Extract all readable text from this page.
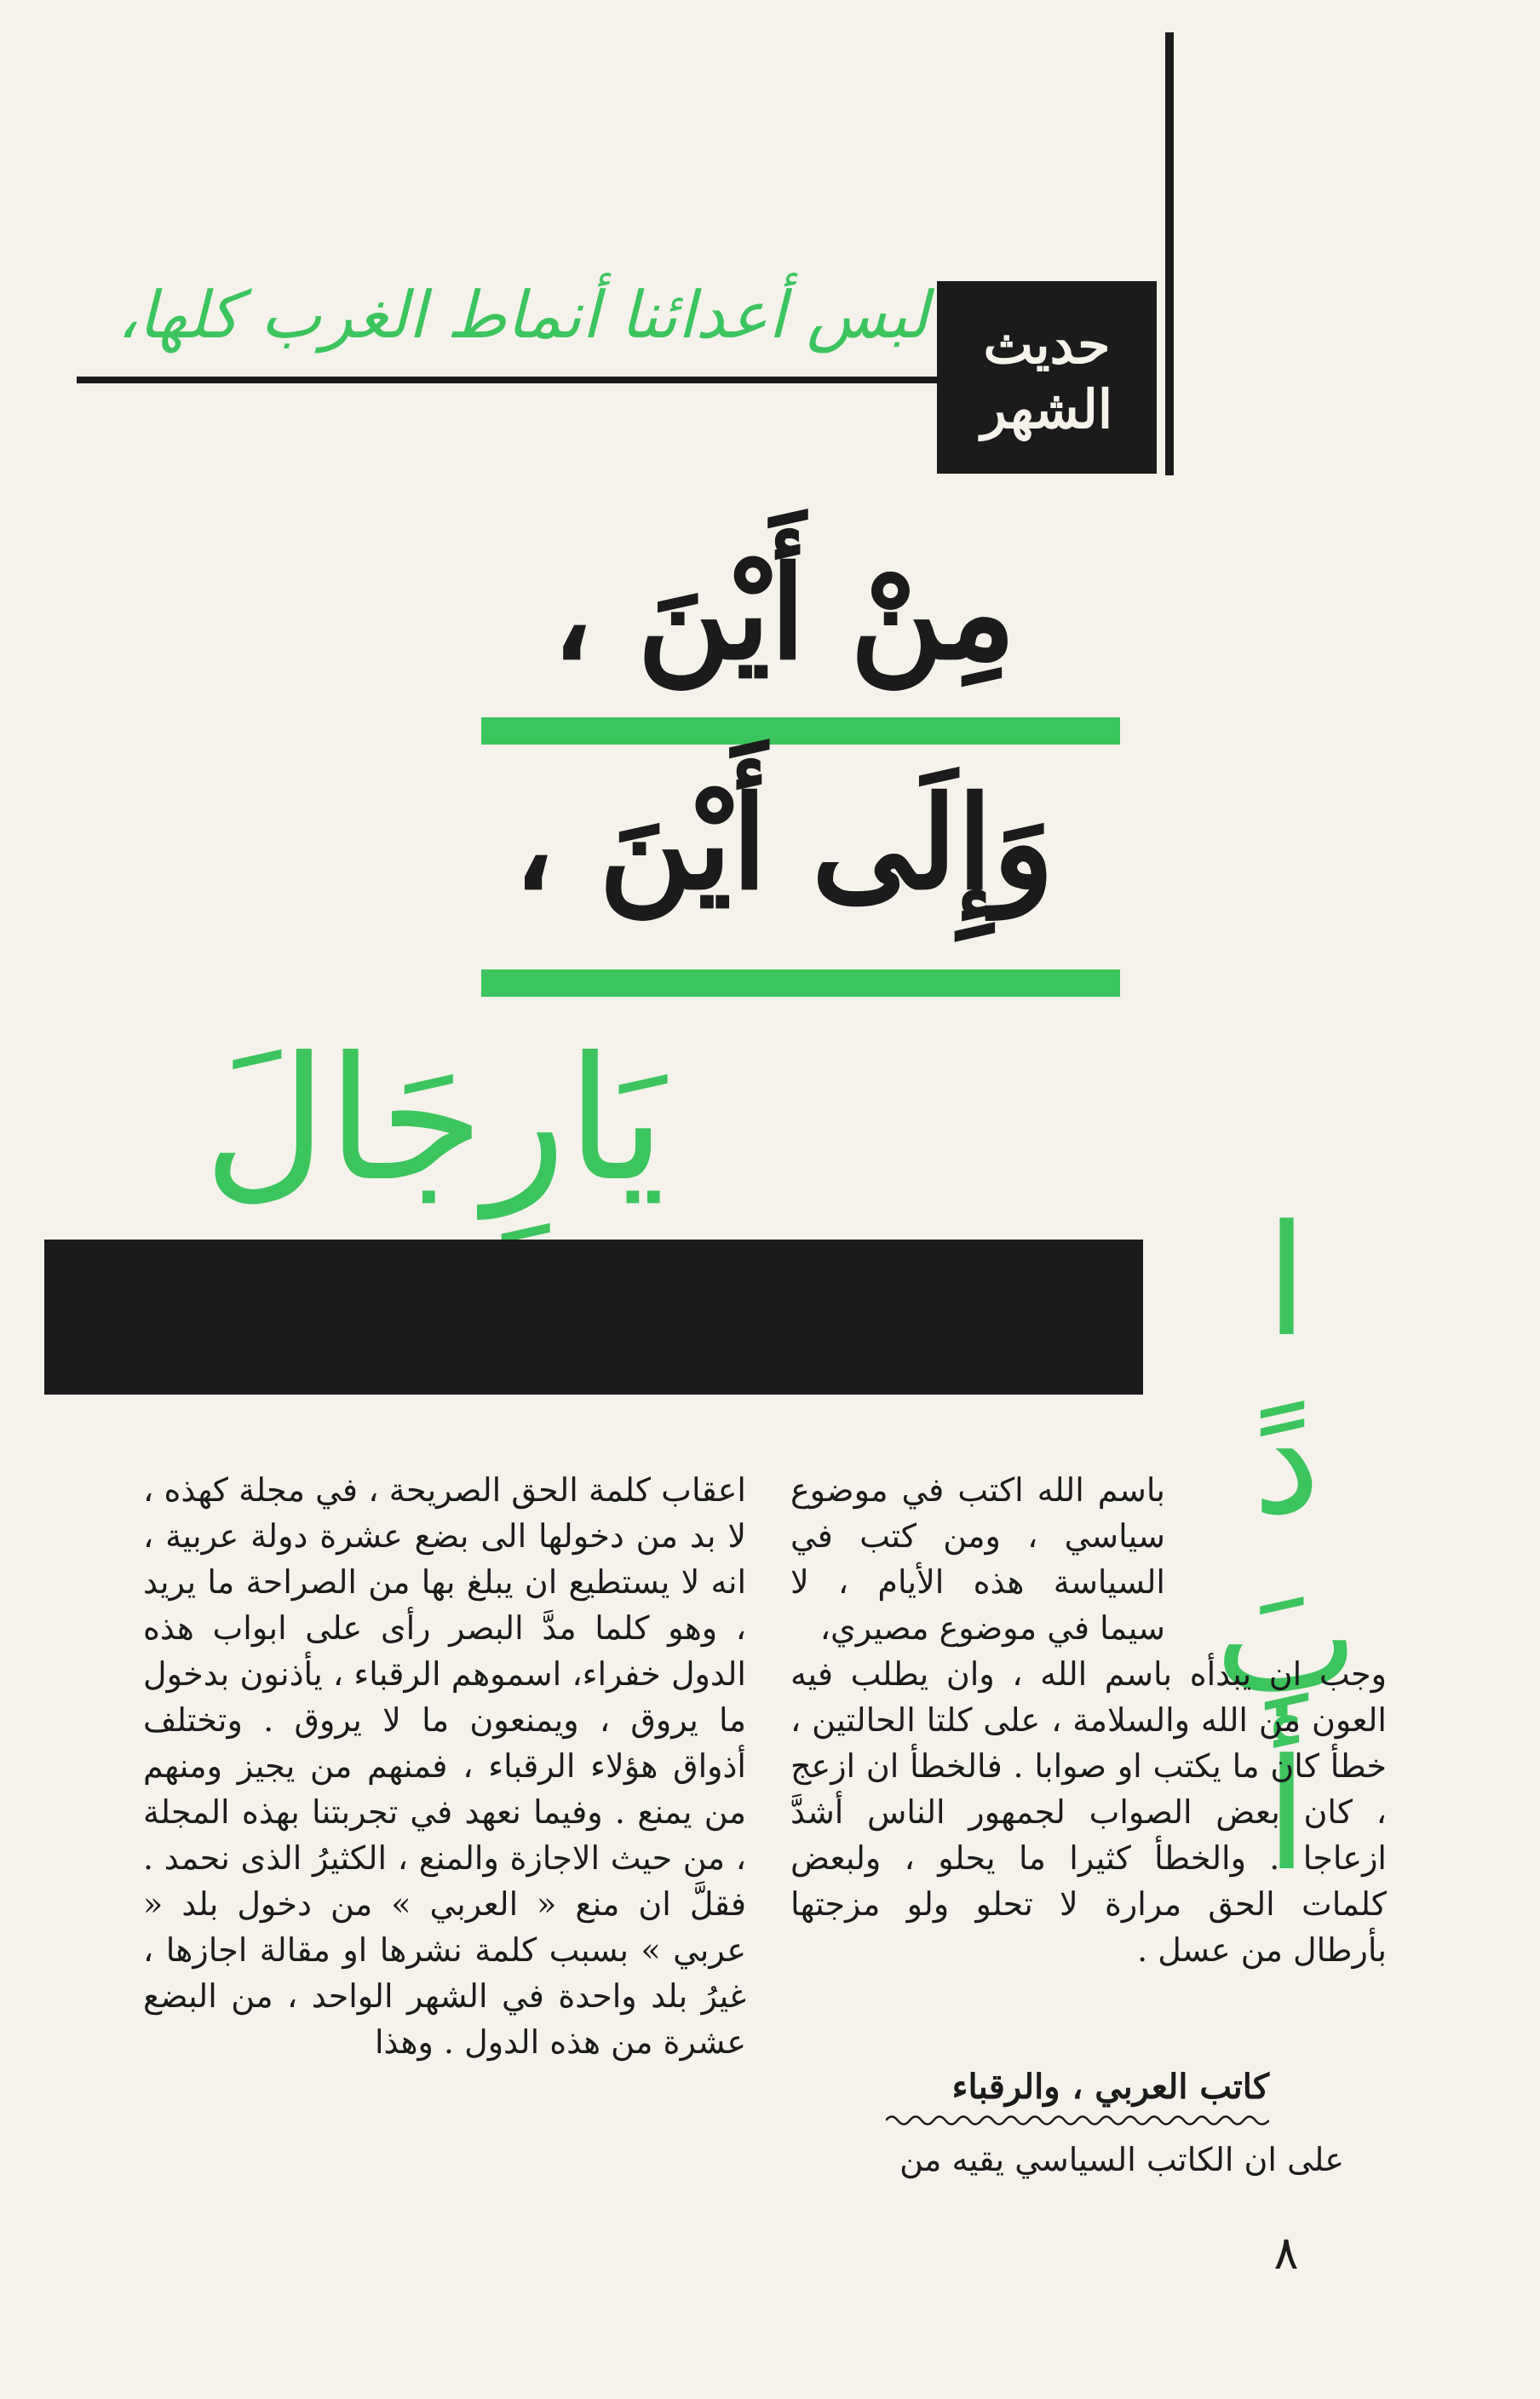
لبس أعدائنا أنماط الغرب كلها،	حديث
الشهر
مِنْ أَيْنَ ،
وَإِلَى أَيْنَ ،
يَارِجَالَ
أَبَدًا

باسم الله اكتب في موضوع سياسي ، ومن كتب في السياسة هذه الأيام ، لا سيما في موضوع مصيري،

وجب ان يبدأه باسم الله ، وان يطلب فيه العون من الله والسلامة ، على كلتا الحالتين ، خطأ كان ما يكتب او صوابا . فالخطأ ان ازعج ، كان بعض الصواب لجمهور الناس أشدَّ ازعاجا . والخطأ كثيرا ما يحلو ، ولبعض كلمات الحق مرارة لا تحلو ولو مزجتها بأرطال من عسل .

كاتب العربي ، والرقباء

على ان الكاتب السياسي يقيه من

اعقاب كلمة الحق الصريحة ، في مجلة كهذه ، لا بد من دخولها الى بضع عشرة دولة عربية ، انه لا يستطيع ان يبلغ بها من الصراحة ما يريد ، وهو كلما مدَّ البصر رأى على ابواب هذه الدول خفراء، اسموهم الرقباء ، يأذنون بدخول ما يروق ، ويمنعون ما لا يروق . وتختلف أذواق هؤلاء الرقباء ، فمنهم من يجيز ومنهم من يمنع . وفيما نعهد في تجربتنا بهذه المجلة ، من حيث الاجازة والمنع ، الكثيرُ الذى نحمد . فقلَّ ان منع « العربي » من دخول بلد « عربي » بسبب كلمة نشرها او مقالة اجازها ، غيرُ بلد واحدة في الشهر الواحد ، من البضع عشرة من هذه الدول . وهذا

٨
